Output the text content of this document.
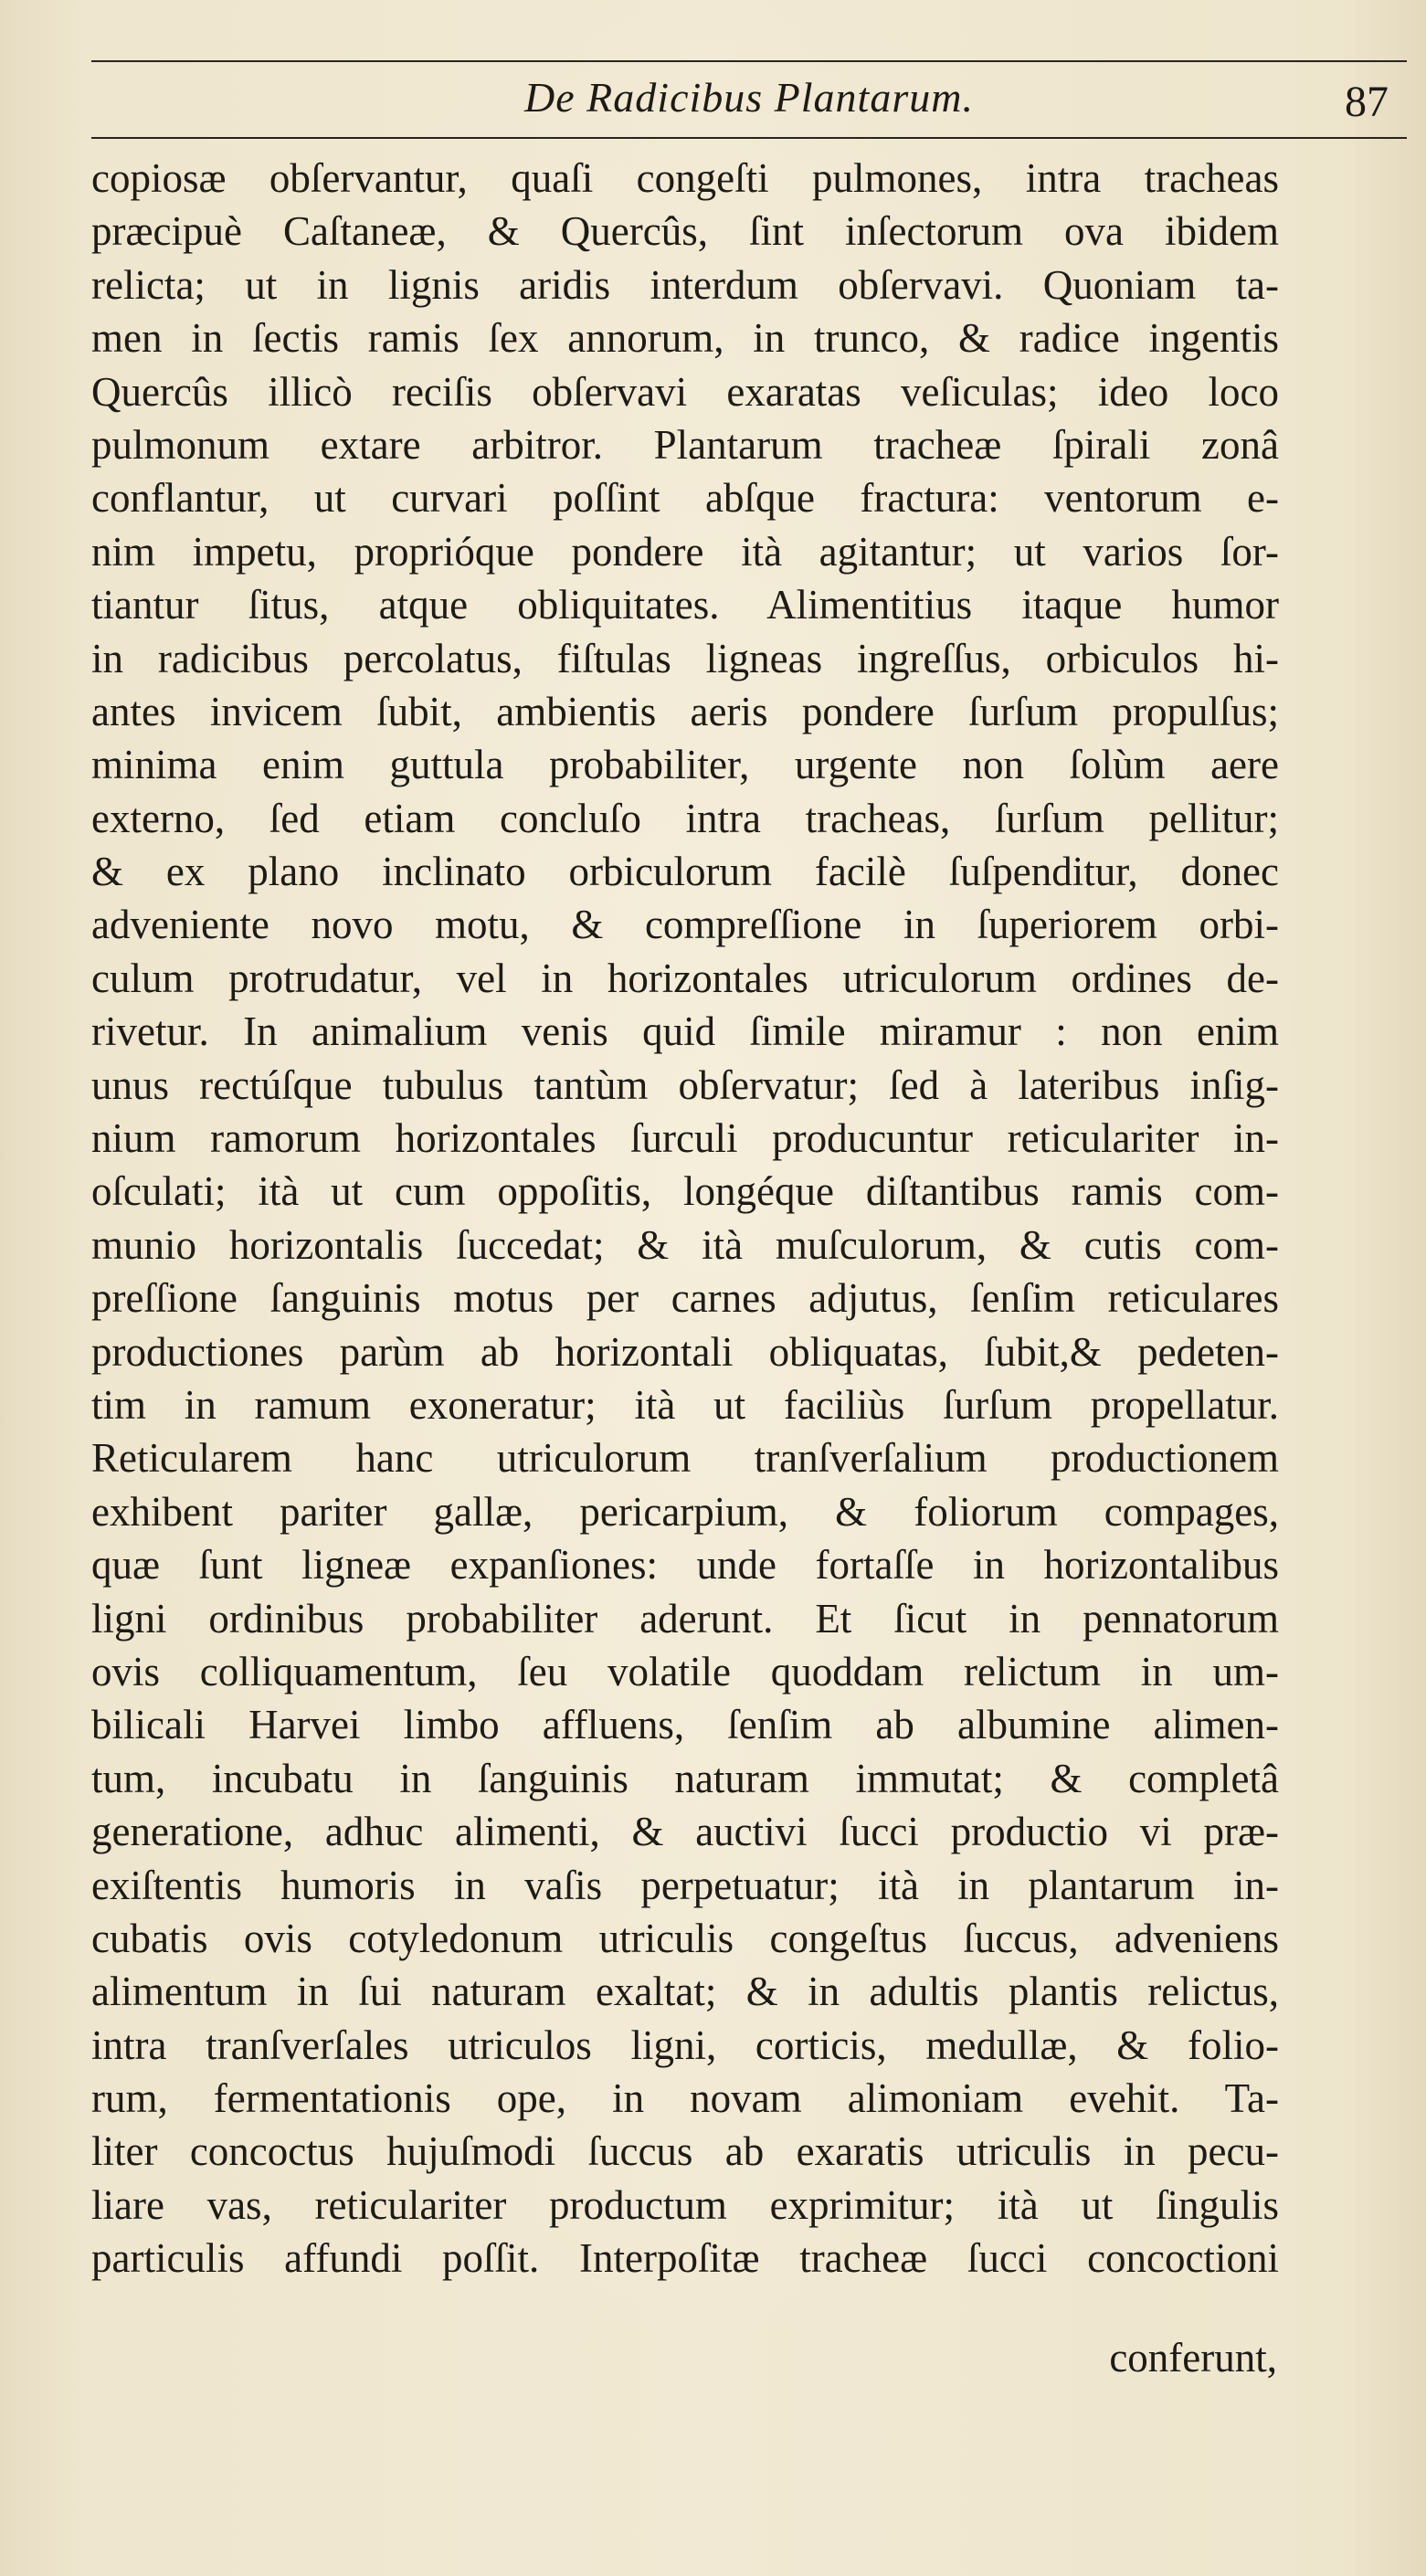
De Radicibus Plantarum.	87
copiosæ obſervantur, quaſi congeſti pulmones, intra tracheas
præcipuè Caſtaneæ, & Quercûs, ſint inſectorum ova ibidem
relicta; ut in lignis aridis interdum obſervavi. Quoniam ta-
men in ſectis ramis ſex annorum, in trunco, & radice ingentis
Quercûs illicò reciſis obſervavi exaratas veſiculas; ideo loco
pulmonum extare arbitror. Plantarum tracheæ ſpirali zonâ
conflantur, ut curvari poſſint abſque fractura: ventorum e-
nim impetu, proprióque pondere ità agitantur; ut varios ſor-
tiantur ſitus, atque obliquitates. Alimentitius itaque humor
in radicibus percolatus, fiſtulas ligneas ingreſſus, orbiculos hi-
antes invicem ſubit, ambientis aeris pondere ſurſum propulſus;
minima enim guttula probabiliter, urgente non ſolùm aere
externo, ſed etiam concluſo intra tracheas, ſurſum pellitur;
& ex plano inclinato orbiculorum facilè ſuſpenditur, donec
adveniente novo motu, & compreſſione in ſuperiorem orbi-
culum protrudatur, vel in horizontales utriculorum ordines de-
rivetur. In animalium venis quid ſimile miramur : non enim
unus rectúſque tubulus tantùm obſervatur; ſed à lateribus inſig-
nium ramorum horizontales ſurculi producuntur reticulariter in-
oſculati; ità ut cum oppoſitis, longéque diſtantibus ramis com-
munio horizontalis ſuccedat; & ità muſculorum, & cutis com-
preſſione ſanguinis motus per carnes adjutus, ſenſim reticulares
productiones parùm ab horizontali obliquatas, ſubit,& pedeten-
tim in ramum exoneratur; ità ut faciliùs ſurſum propellatur.
Reticularem hanc utriculorum tranſverſalium productionem
exhibent pariter gallæ, pericarpium, & foliorum compages,
quæ ſunt ligneæ expanſiones: unde fortaſſe in horizontalibus
ligni ordinibus probabiliter aderunt. Et ſicut in pennatorum
ovis colliquamentum, ſeu volatile quoddam relictum in um-
bilicali Harvei limbo affluens, ſenſim ab albumine alimen-
tum, incubatu in ſanguinis naturam immutat; & completâ
generatione, adhuc alimenti, & auctivi ſucci productio vi præ-
exiſtentis humoris in vaſis perpetuatur; ità in plantarum in-
cubatis ovis cotyledonum utriculis congeſtus ſuccus, adveniens
alimentum in ſui naturam exaltat; & in adultis plantis relictus,
intra tranſverſales utriculos ligni, corticis, medullæ, & folio-
rum, fermentationis ope, in novam alimoniam evehit. Ta-
liter concoctus hujuſmodi ſuccus ab exaratis utriculis in pecu-
liare vas, reticulariter productum exprimitur; ità ut ſingulis
particulis affundi poſſit. Interpoſitæ tracheæ ſucci concoctioni
conferunt,
